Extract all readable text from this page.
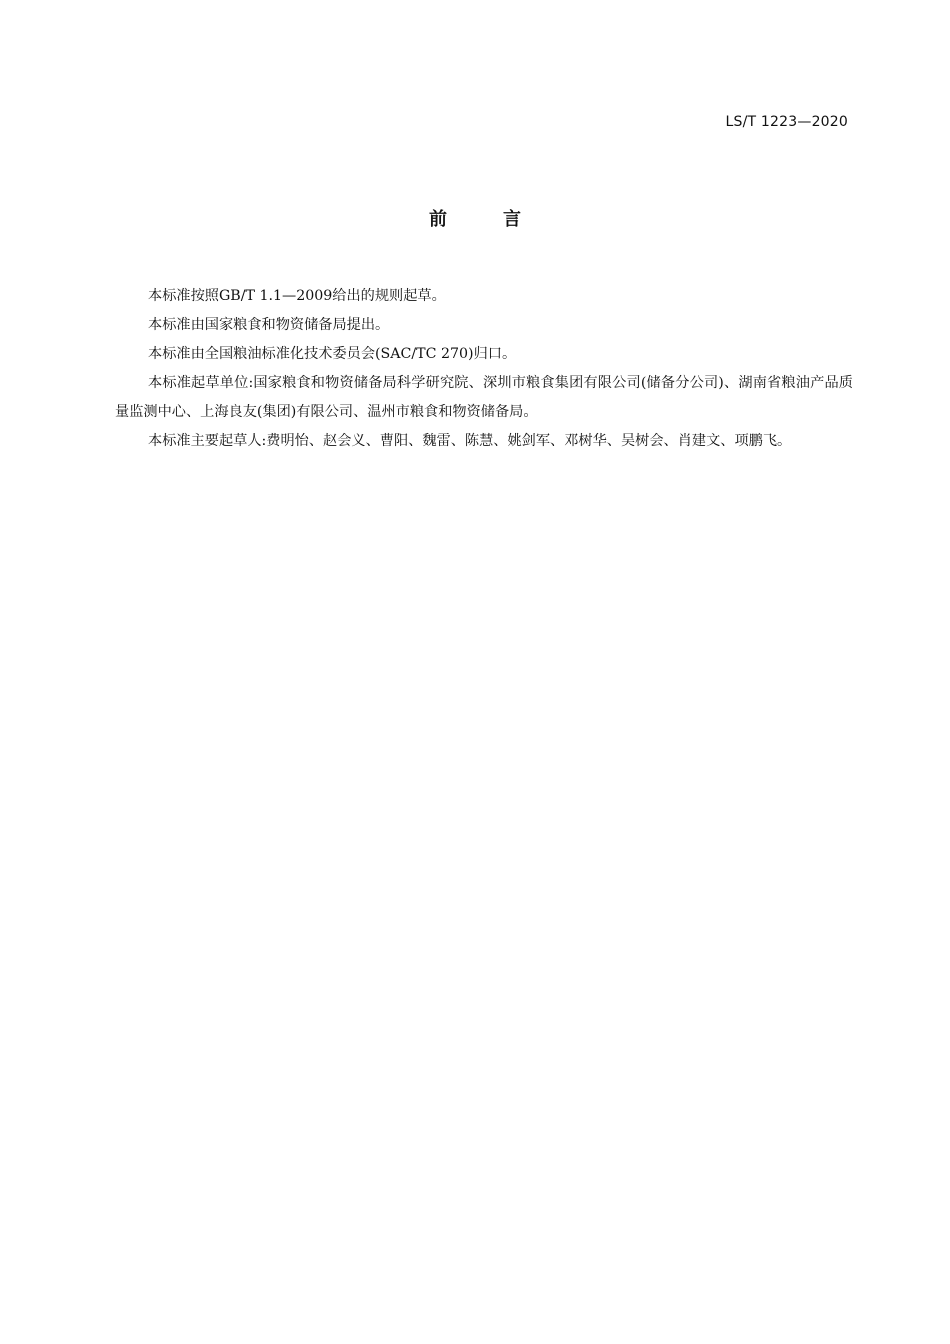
LS/T 1223—2020
前言

本标准按照GB/T 1.1—2009给出的规则起草。

本标准由国家粮食和物资储备局提出。

本标准由全国粮油标准化技术委员会(SAC/TC 270)归口。

本标准起草单位:国家粮食和物资储备局科学研究院、深圳市粮食集团有限公司(储备分公司)、湖南省粮油产品质量监测中心、上海良友(集团)有限公司、温州市粮食和物资储备局。

本标准主要起草人:费明怡、赵会义、曹阳、魏雷、陈慧、姚剑军、邓树华、吴树会、肖建文、项鹏飞。
